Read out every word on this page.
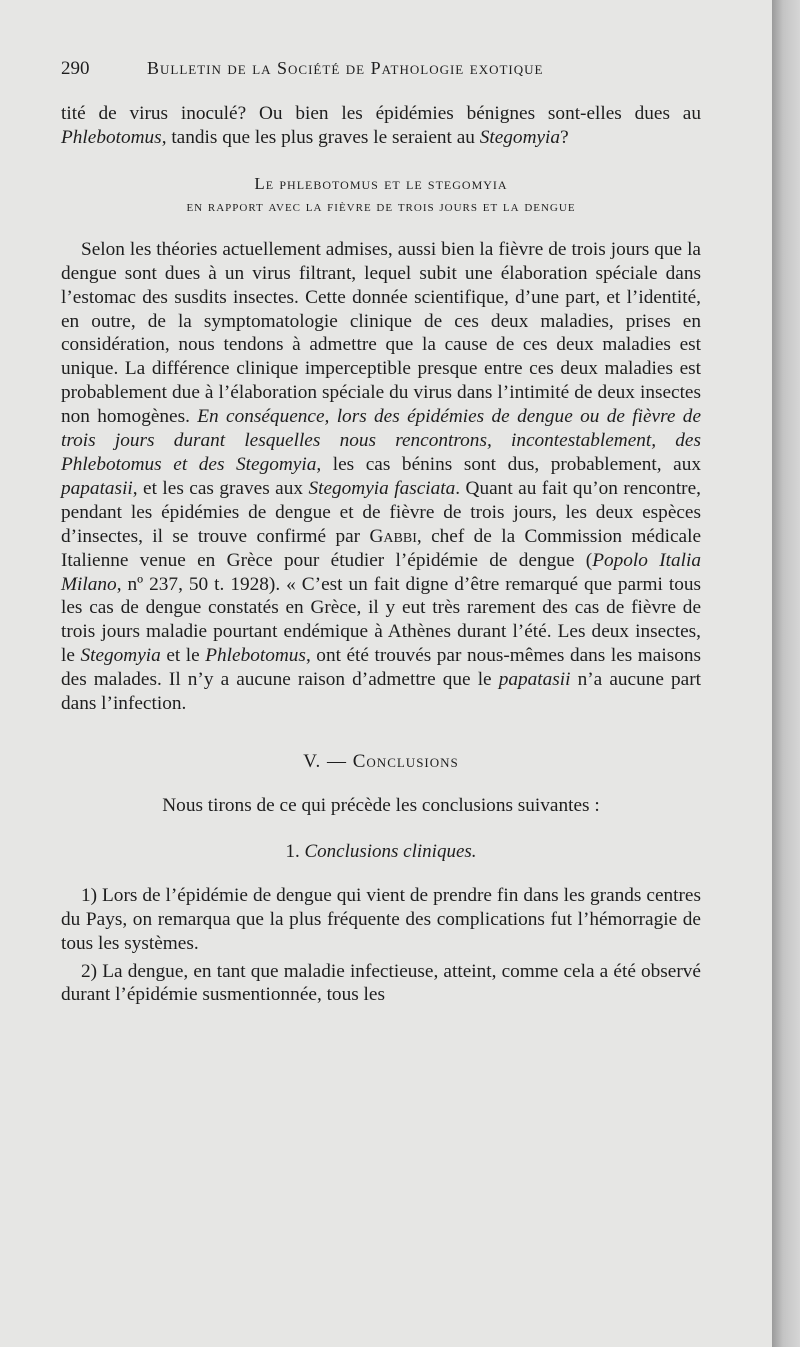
290	Bulletin de la Société de Pathologie exotique

tité de virus inoculé? Ou bien les épidémies bénignes sont-elles dues au Phlebotomus, tandis que les plus graves le seraient au Stegomyia?

Le phlebotomus et le stegomyia
en rapport avec la fièvre de trois jours et la dengue

Selon les théories actuellement admises, aussi bien la fièvre de trois jours que la dengue sont dues à un virus filtrant, lequel subit une élaboration spéciale dans l’estomac des susdits insectes. Cette donnée scientifique, d’une part, et l’identité, en outre, de la symptomatologie clinique de ces deux maladies, prises en considération, nous tendons à admettre que la cause de ces deux maladies est unique. La différence clinique imperceptible presque entre ces deux maladies est probablement due à l’élaboration spéciale du virus dans l’intimité de deux insectes non homogènes. En conséquence, lors des épidémies de dengue ou de fièvre de trois jours durant lesquelles nous rencontrons, incontestablement, des Phlebotomus et des Stegomyia, les cas bénins sont dus, probablement, aux papatasii, et les cas graves aux Stegomyia fasciata. Quant au fait qu’on rencontre, pendant les épidémies de dengue et de fièvre de trois jours, les deux espèces d’insectes, il se trouve confirmé par Gabbi, chef de la Commission médicale Italienne venue en Grèce pour étudier l’épidémie de dengue (Popolo Italia Milano, nº 237, 50 t. 1928). « C’est un fait digne d’être remarqué que parmi tous les cas de dengue constatés en Grèce, il y eut très rarement des cas de fièvre de trois jours maladie pourtant endémique à Athènes durant l’été. Les deux insectes, le Stegomyia et le Phlebotomus, ont été trouvés par nous-mêmes dans les maisons des malades. Il n’y a aucune raison d’admettre que le papatasii n’a aucune part dans l’infection.

V. — Conclusions

Nous tirons de ce qui précède les conclusions suivantes :

1. Conclusions cliniques.

1) Lors de l’épidémie de dengue qui vient de prendre fin dans les grands centres du Pays, on remarqua que la plus fréquente des complications fut l’hémorragie de tous les systèmes.

2) La dengue, en tant que maladie infectieuse, atteint, comme cela a été observé durant l’épidémie susmentionnée, tous les
